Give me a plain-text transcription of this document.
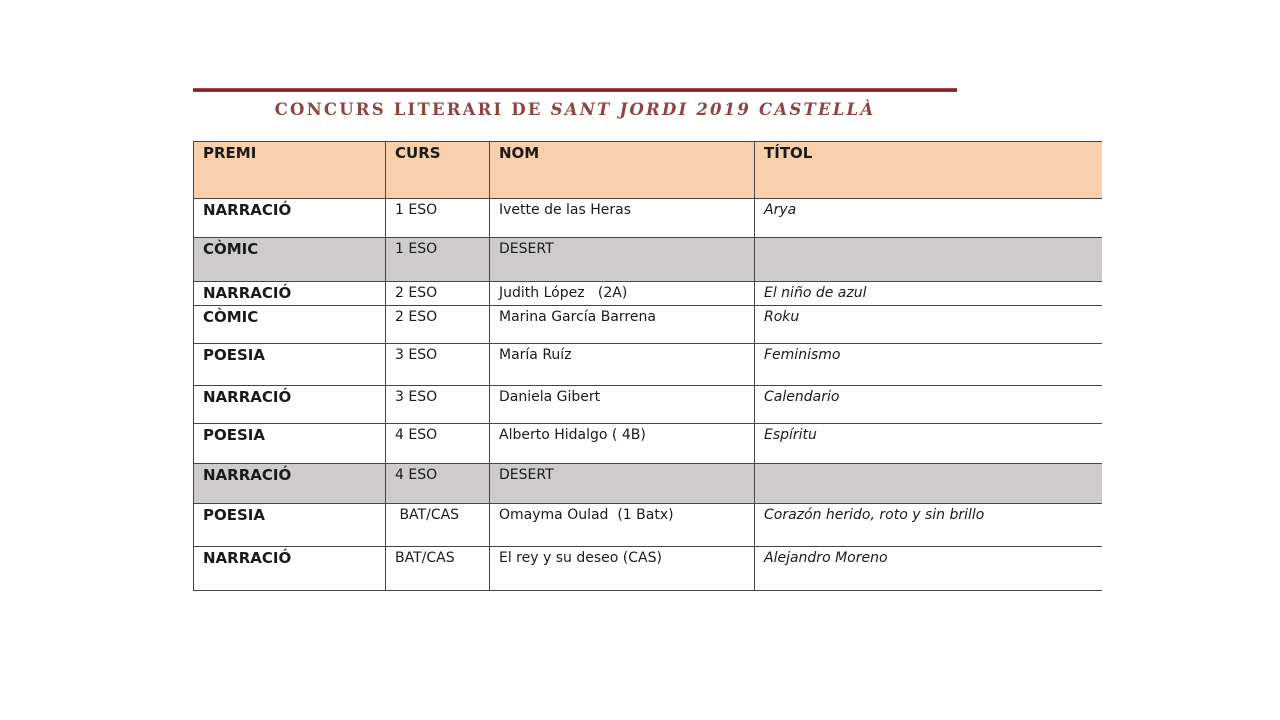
CONCURS LITERARI DE SANT JORDI 2019 CASTELLÀ
PREMI	CURS	NOM	TÍTOL
NARRACIÓ	1 ESO	Ivette de las Heras	Arya
CÒMIC	1 ESO	DESERT	
NARRACIÓ	2 ESO	Judith López   (2A)	El niño de azul
CÒMIC	2 ESO	Marina García Barrena	Roku
POESIA	3 ESO	María Ruíz	Feminismo
NARRACIÓ	3 ESO	Daniela Gibert	Calendario
POESIA	4 ESO	Alberto Hidalgo ( 4B)	Espíritu
NARRACIÓ	4 ESO	DESERT	
POESIA	BAT/CAS	Omayma Oulad  (1 Batx)	Corazón herido, roto y sin brillo
NARRACIÓ	BAT/CAS	El rey y su deseo (CAS)	Alejandro Moreno
